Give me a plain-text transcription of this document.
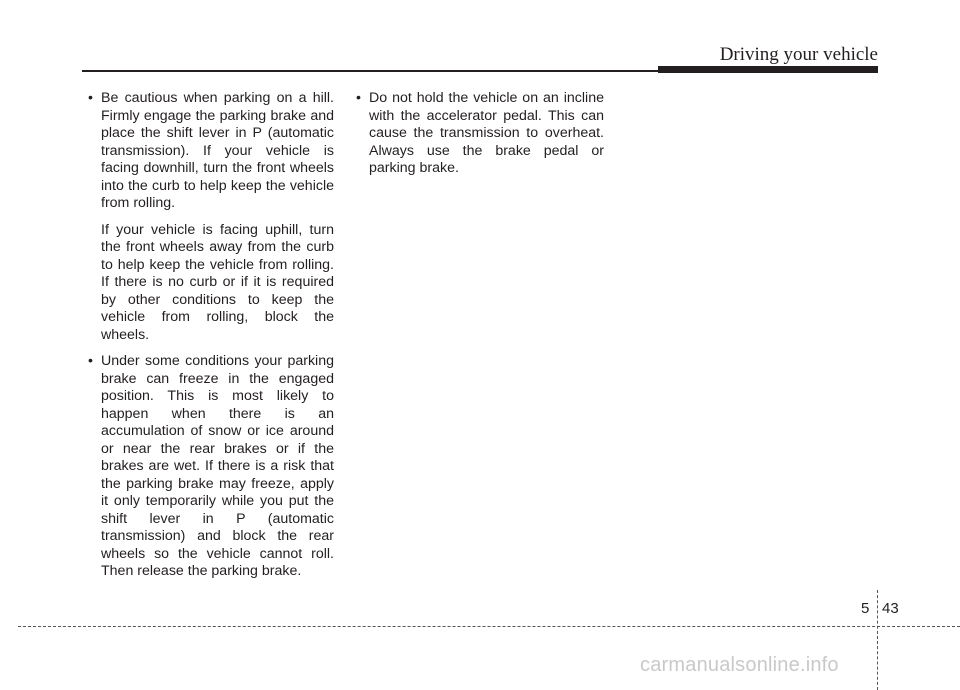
Driving your vehicle
• Be cautious when parking on a hill. Firmly engage the parking brake and place the shift lever in P (automatic transmission). If your vehicle is facing downhill, turn the front wheels into the curb to help keep the vehicle from rolling.
If your vehicle is facing uphill, turn the front wheels away from the curb to help keep the vehicle from rolling. If there is no curb or if it is required by other conditions to keep the vehicle from rolling, block the wheels.
• Under some conditions your parking brake can freeze in the engaged position. This is most likely to happen when there is an accumulation of snow or ice around or near the rear brakes or if the brakes are wet. If there is a risk that the parking brake may freeze, apply it only temporarily while you put the shift lever in P (automatic transmission) and block the rear wheels so the vehicle cannot roll. Then release the parking brake.
• Do not hold the vehicle on an incline with the accelerator pedal. This can cause the transmission to overheat. Always use the brake pedal or parking brake.
5 43
carmanualsonline.info
